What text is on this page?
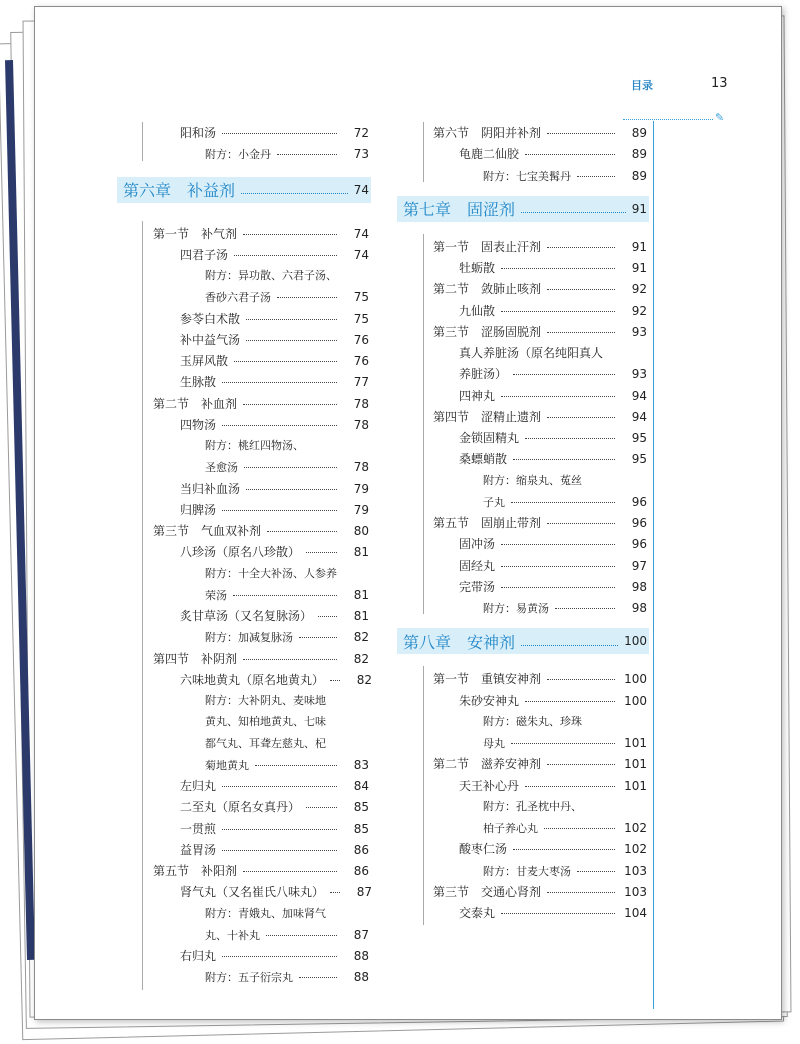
目录	13
✎
阳和汤	72
附方：小金丹	73
第六章　补益剂	74
第一节　补气剂	74
四君子汤	74
附方：异功散、六君子汤、
香砂六君子汤	75
参苓白术散	75
补中益气汤	76
玉屏风散	76
生脉散	77
第二节　补血剂	78
四物汤	78
附方：桃红四物汤、
圣愈汤	78
当归补血汤	79
归脾汤	79
第三节　气血双补剂	80
八珍汤（原名八珍散）	81
附方：十全大补汤、人参养
荣汤	81
炙甘草汤（又名复脉汤）	81
附方：加减复脉汤	82
第四节　补阴剂	82
六味地黄丸（原名地黄丸）	82
附方：大补阴丸、麦味地
黄丸、知柏地黄丸、七味
都气丸、耳聋左慈丸、杞
菊地黄丸	83
左归丸	84
二至丸（原名女真丹）	85
一贯煎	85
益胃汤	86
第五节　补阳剂	86
肾气丸（又名崔氏八味丸）	87
附方：青娥丸、加味肾气
丸、十补丸	87
右归丸	88
附方：五子衍宗丸	88
第六节　阴阳并补剂	89
龟鹿二仙胶	89
附方：七宝美髯丹	89
第七章　固涩剂	91
第一节　固表止汗剂	91
牡蛎散	91
第二节　敛肺止咳剂	92
九仙散	92
第三节　涩肠固脱剂	93
真人养脏汤（原名纯阳真人
养脏汤）	93
四神丸	94
第四节　涩精止遗剂	94
金锁固精丸	95
桑螵蛸散	95
附方：缩泉丸、菟丝
子丸	96
第五节　固崩止带剂	96
固冲汤	96
固经丸	97
完带汤	98
附方：易黄汤	98
第八章　安神剂	100
第一节　重镇安神剂	100
朱砂安神丸	100
附方：磁朱丸、珍珠
母丸	101
第二节　滋养安神剂	101
天王补心丹	101
附方：孔圣枕中丹、
柏子养心丸	102
酸枣仁汤	102
附方：甘麦大枣汤	103
第三节　交通心肾剂	103
交泰丸	104
